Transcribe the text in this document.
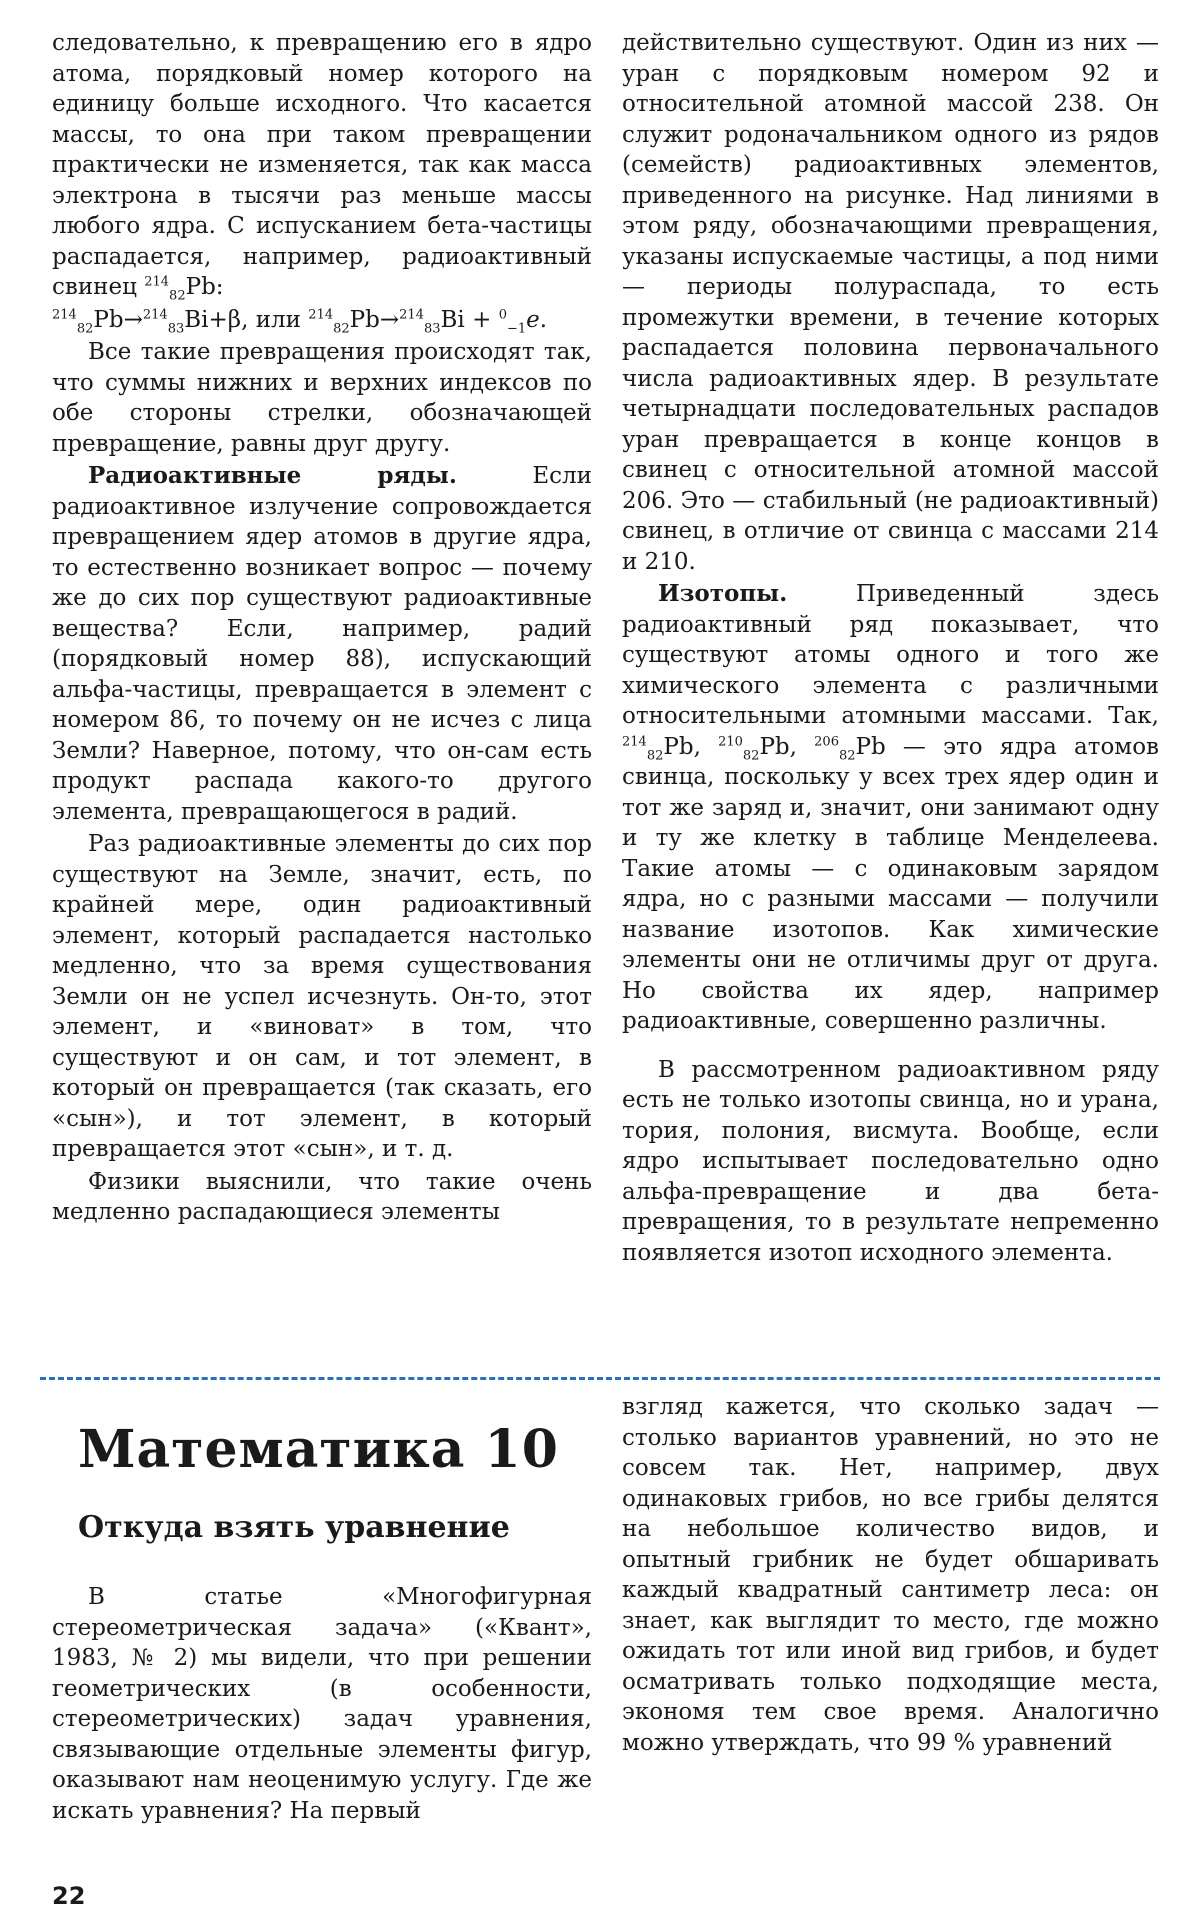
следовательно, к превращению его в ядро атома, порядковый номер которого на единицу больше исходного. Что касается массы, то она при таком превращении практически не изменяется, так как масса электрона в тысячи раз меньше массы любого ядра. С испусканием бета-частицы распадается, например, радиоактивный свинец $^{214}_{82}$Pb:

$^{214}_{82}$Pb→$^{214}_{83}$Bi+β, или $^{214}_{82}$Pb→$^{214}_{83}$Bi + $^0_{-1}$e.

Все такие превращения происходят так, что суммы нижних и верхних индексов по обе стороны стрелки, обозначающей превращение, равны друг другу.

Радиоактивные ряды. Если радиоактивное излучение сопровождается превращением ядер атомов в другие ядра, то естественно возникает вопрос — почему же до сих пор существуют радиоактивные вещества? Если, например, радий (порядковый номер 88), испускающий альфа-частицы, превращается в элемент с номером 86, то почему он не исчез с лица Земли? Наверное, потому, что он-сам есть продукт распада какого-то другого элемента, превращающегося в радий.

Раз радиоактивные элементы до сих пор существуют на Земле, значит, есть, по крайней мере, один радиоактивный элемент, который распадается настолько медленно, что за время существования Земли он не успел исчезнуть. Он-то, этот элемент, и «виноват» в том, что существуют и он сам, и тот элемент, в который он превращается (так сказать, его «сын»), и тот элемент, в который превращается этот «сын», и т. д.

Физики выяснили, что такие очень медленно распадающиеся элементы

действительно существуют. Один из них — уран с порядковым номером 92 и относительной атомной массой 238. Он служит родоначальником одного из рядов (семейств) радиоактивных элементов, приведенного на рисунке. Над линиями в этом ряду, обозначающими превращения, указаны испускаемые частицы, а под ними — периоды полураспада, то есть промежутки времени, в течение которых распадается половина первоначального числа радиоактивных ядер. В результате четырнадцати последовательных распадов уран превращается в конце концов в свинец с относительной атомной массой 206. Это — стабильный (не радиоактивный) свинец, в отличие от свинца с массами 214 и 210.

Изотопы. Приведенный здесь радиоактивный ряд показывает, что существуют атомы одного и того же химического элемента с различными относительными атомными массами. Так, $^{214}_{82}$Pb, $^{210}_{82}$Pb, $^{206}_{82}$Pb — это ядра атомов свинца, поскольку у всех трех ядер один и тот же заряд и, значит, они занимают одну и ту же клетку в таблице Менделеева. Такие атомы — с одинаковым зарядом ядра, но с разными массами — получили название изотопов. Как химические элементы они не отличимы друг от друга. Но свойства их ядер, например радиоактивные, совершенно различны.

В рассмотренном радиоактивном ряду есть не только изотопы свинца, но и урана, тория, полония, висмута. Вообще, если ядро испытывает последовательно одно альфа-превращение и два бета-превращения, то в результате непременно появляется изотоп исходного элемента.

Математика 10
Откуда взять уравнение

В статье «Многофигурная стереометрическая задача» («Квант», 1983, № 2) мы видели, что при решении геометрических (в особенности, стереометрических) задач уравнения, связывающие отдельные элементы фигур, оказывают нам неоценимую услугу. Где же искать уравнения? На первый

взгляд кажется, что сколько задач — столько вариантов уравнений, но это не совсем так. Нет, например, двух одинаковых грибов, но все грибы делятся на небольшое количество видов, и опытный грибник не будет обшаривать каждый квадратный сантиметр леса: он знает, как выглядит то место, где можно ожидать тот или иной вид грибов, и будет осматривать только подходящие места, экономя тем свое время. Аналогично можно утверждать, что 99 % уравнений

22
